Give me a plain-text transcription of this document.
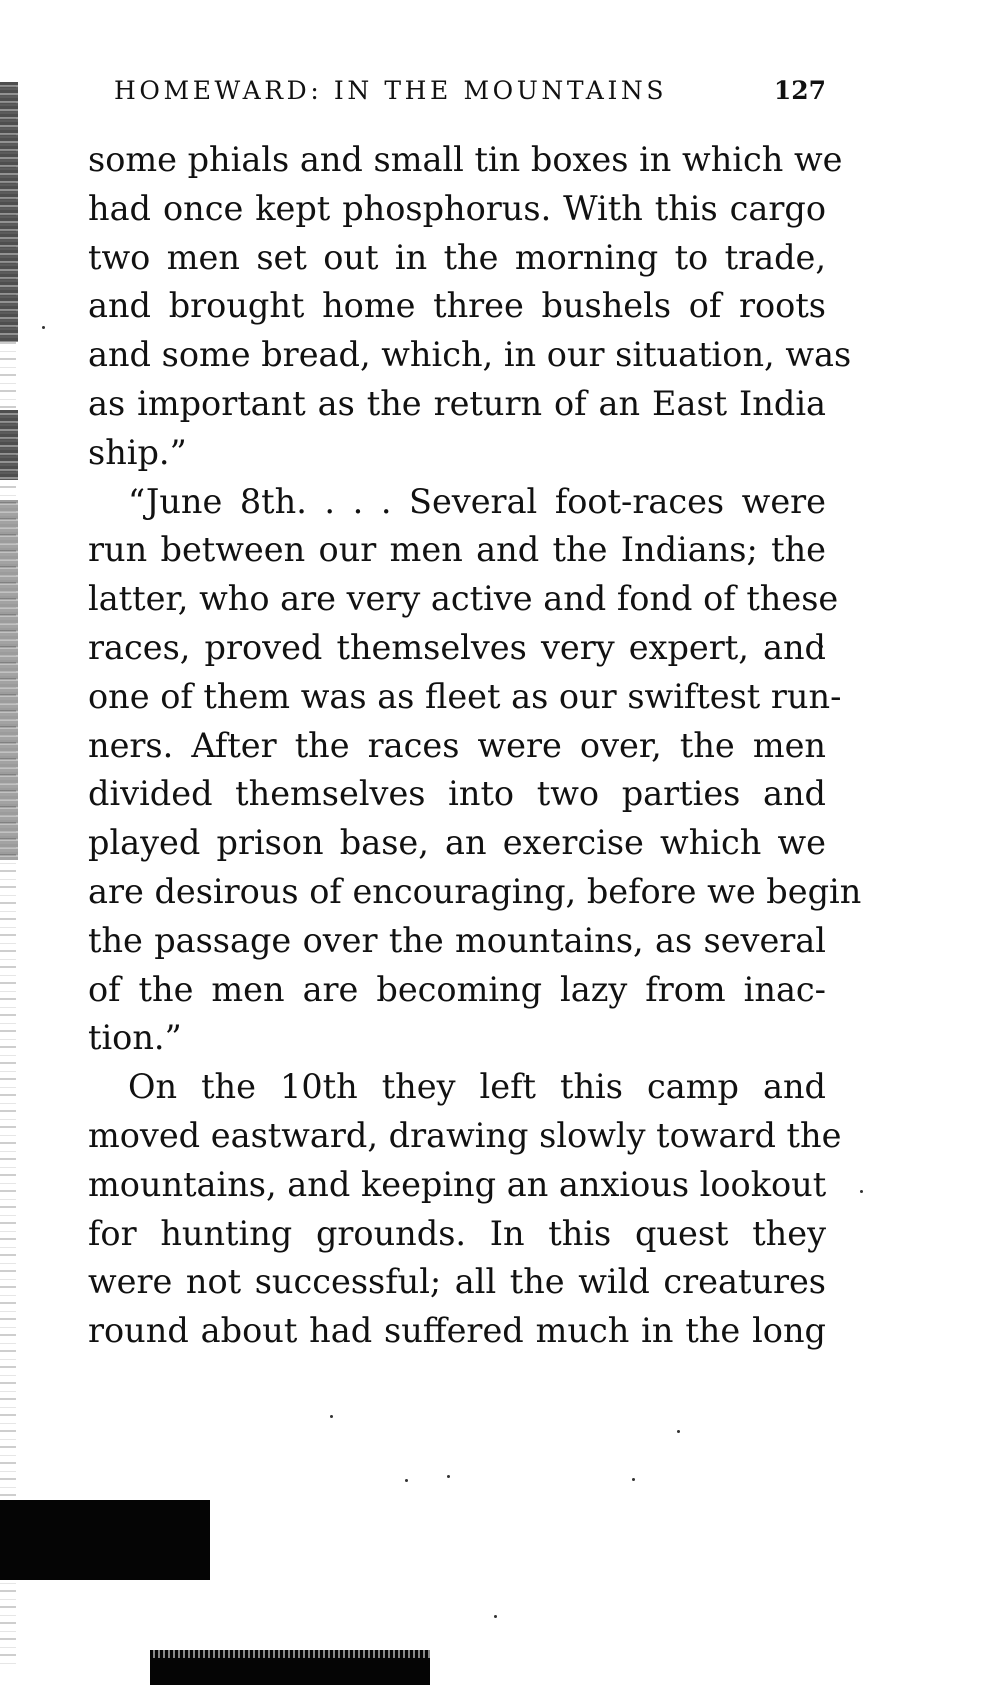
HOMEWARD: IN THE MOUNTAINS	127
some phials and small tin boxes in which we
had once kept phosphorus. With this cargo
two men set out in the morning to trade,
and brought home three bushels of roots
and some bread, which, in our situation, was
as important as the return of an East India
ship.”
“June 8th. . . . Several foot-races were
run between our men and the Indians; the
latter, who are very active and fond of these
races, proved themselves very expert, and
one of them was as fleet as our swiftest run-
ners. After the races were over, the men
divided themselves into two parties and
played prison base, an exercise which we
are desirous of encouraging, before we begin
the passage over the mountains, as several
of the men are becoming lazy from inac-
tion.”
On the 10th they left this camp and
moved eastward, drawing slowly toward the
mountains, and keeping an anxious lookout
for hunting grounds. In this quest they
were not successful; all the wild creatures
round about had suffered much in the long
